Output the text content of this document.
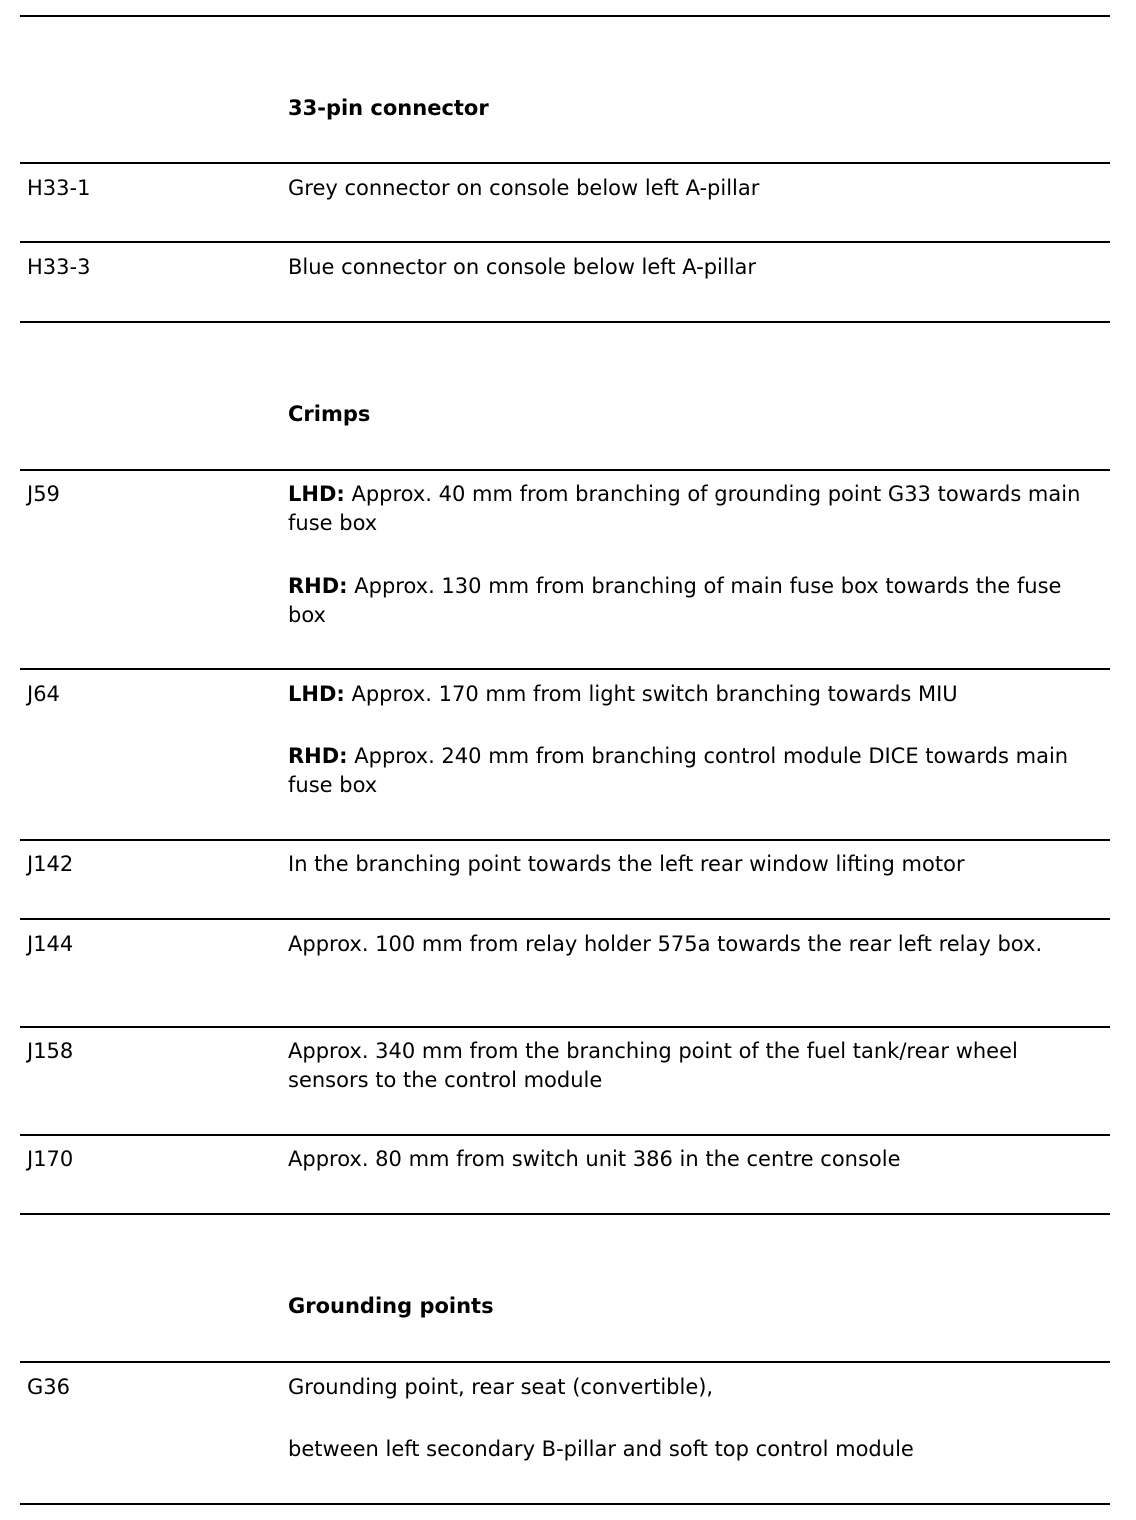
33-pin connector
H33-1	Grey connector on console below left A-pillar
H33-3	Blue connector on console below left A-pillar
Crimps
J59	LHD: Approx. 40 mm from branching of grounding point G33 towards main fuse box
RHD: Approx. 130 mm from branching of main fuse box towards the fuse box
J64	LHD: Approx. 170 mm from light switch branching towards MIU
RHD: Approx. 240 mm from branching control module DICE towards main fuse box
J142	In the branching point towards the left rear window lifting motor
J144	Approx. 100 mm from relay holder 575a towards the rear left relay box.
J158	Approx. 340 mm from the branching point of the fuel tank/rear wheel sensors to the control module
J170	Approx. 80 mm from switch unit 386 in the centre console
Grounding points
G36	Grounding point, rear seat (convertible),
between left secondary B-pillar and soft top control module
